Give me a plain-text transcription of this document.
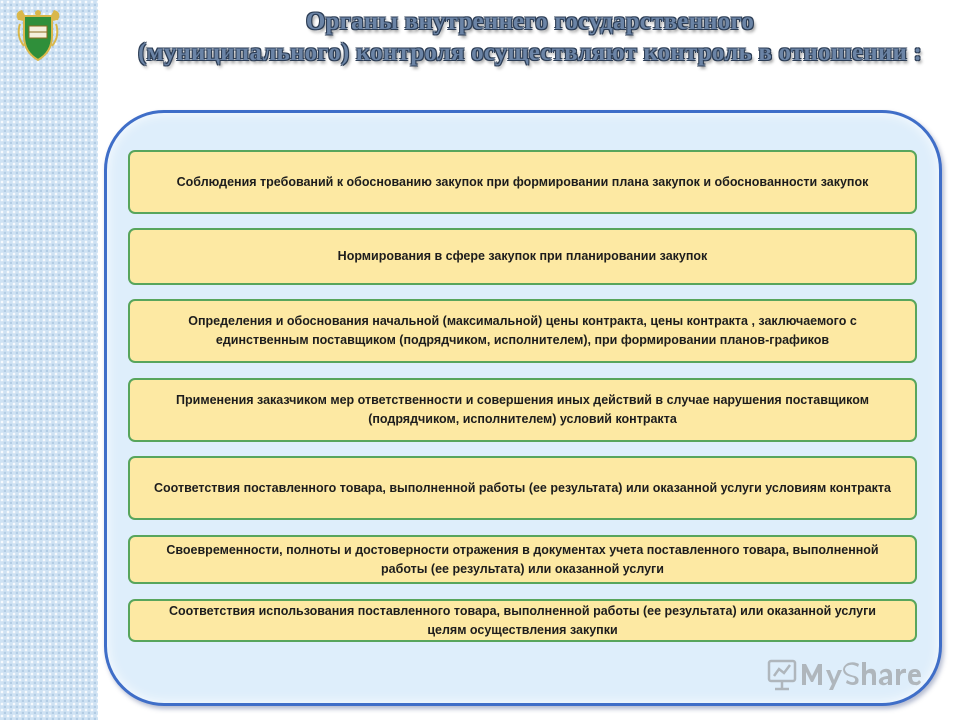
Органы внутреннего государственного
(муниципального) контроля осуществляют контроль в отношении :
Соблюдения требований к обоснованию закупок при формировании плана закупок и обоснованности закупок
Нормирования в сфере закупок при планировании закупок
Определения и обоснования начальной (максимальной) цены контракта, цены контракта , заключаемого с единственным поставщиком (подрядчиком, исполнителем), при формировании планов-графиков
Применения заказчиком мер ответственности и совершения иных действий в случае нарушения поставщиком (подрядчиком, исполнителем) условий контракта
Соответствия поставленного товара, выполненной работы (ее результата) или оказанной услуги условиям контракта
Своевременности, полноты и достоверности отражения в документах учета поставленного товара, выполненной работы (ее результата) или оказанной услуги
Соответствия использования поставленного товара, выполненной работы (ее результата) или оказанной услуги целям осуществления закупки
